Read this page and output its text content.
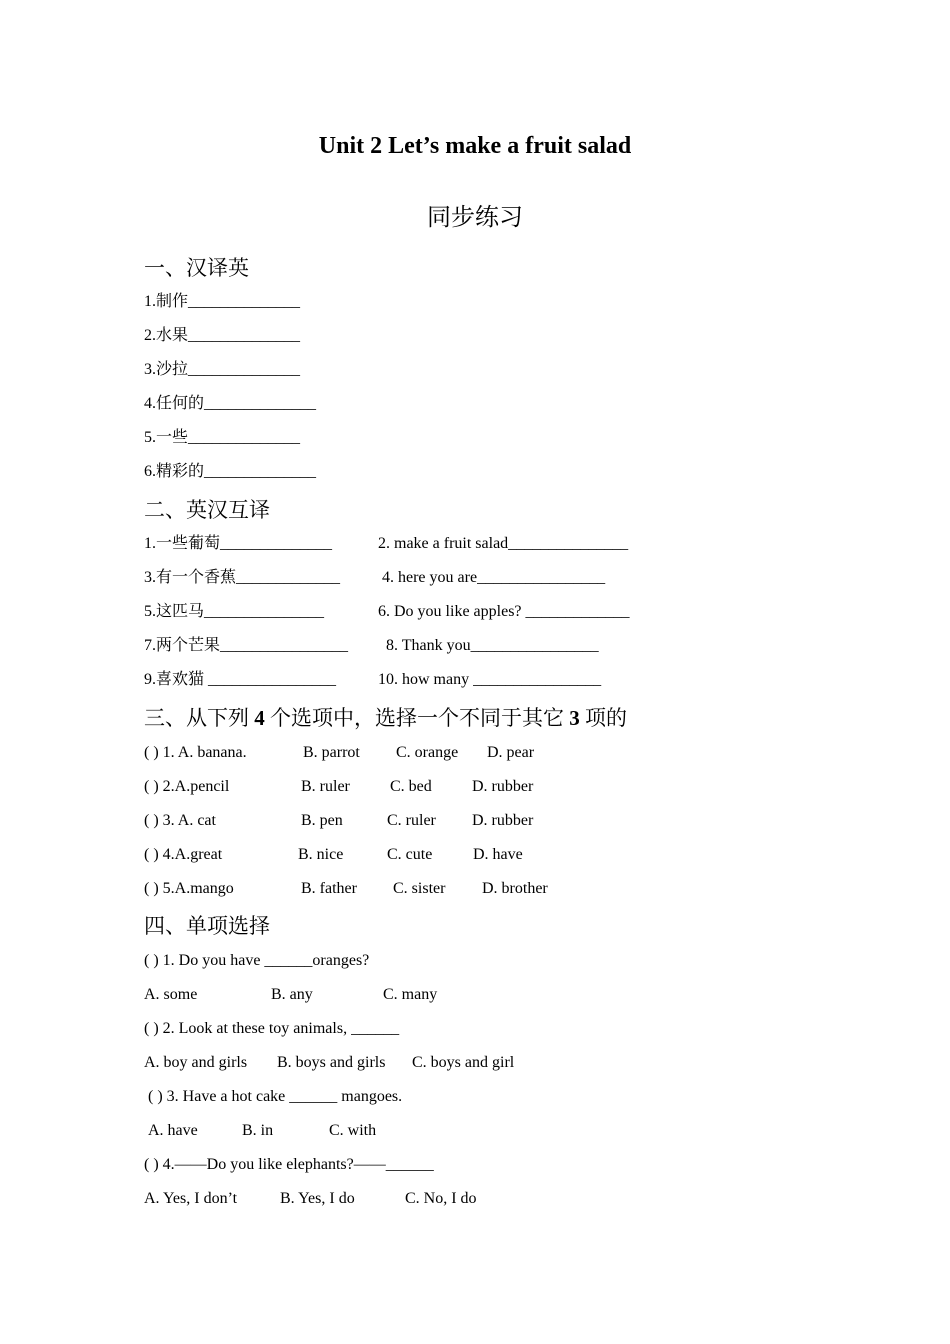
Unit 2 Let’s make a fruit salad
同步练习
一、汉译英
1.制作______________
2.水果______________
3.沙拉______________
4.任何的______________
5.一些______________
6.精彩的______________
二、英汉互译
1.一些葡萄______________	2. make a fruit salad_______________
3.有一个香蕉_____________	4. here you are________________
5.这匹马_______________	6. Do you like apples? _____________
7.两个芒果________________ 8. Thank you________________
9.喜欢猫 ________________	10. how many ________________
三、从下列 4 个选项中，选择一个不同于其它 3 项的
( ) 1. A. banana.	B. parrot C. orange D. pear
( ) 2.A.pencil	B. ruler	C. bed	D. rubber
( ) 3. A. cat	B. pen	C. ruler D. rubber
( ) 4.A.great	B. nice	C. cute	D. have
( ) 5.A.mango	B. father C. sister D. brother
四、单项选择
( ) 1. Do you have ______oranges?
A. some	B. any	C. many
( ) 2. Look at these toy animals, ______
A. boy and girls B. boys and girls C. boys and girl
( ) 3. Have a hot cake ______ mangoes.
A. have	B. in	C. with
( ) 4.——Do you like elephants?——______
A. Yes, I don’t	B. Yes, I do	C. No, I do
